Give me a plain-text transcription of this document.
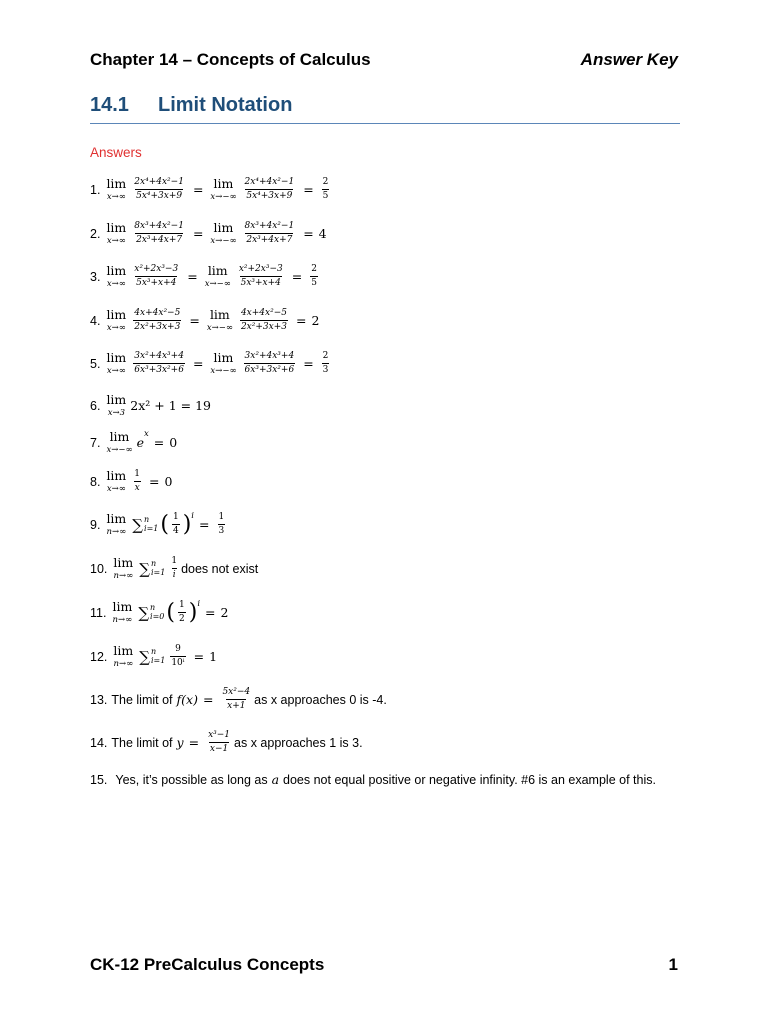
Chapter 14 – Concepts of Calculus	Answer Key
14.1 Limit Notation
Answers
1. lim
$x\to\infty \frac{\text{2x⁴+4x²−1}}{\text{5x⁴+3x+9}} = \lim$
$x\to-\infty \frac{\text{2x⁴+4x²−1}}{\text{5x⁴+3x+9}} = \frac{2}{5}$
2. lim
$x\to\infty \frac{\text{8x³+4x²−1}}{\text{2x³+4x+7}} = \lim$
$x\to-\infty \frac{\text{8x³+4x²−1}}{\text{2x³+4x+7}} = 4$
3. lim
$x\to\infty \frac{\text{x²+2x³−3}}{\text{5x³+x+4}} = \lim$
$x\to-\infty \frac{\text{x²+2x³−3}}{\text{5x³+x+4}} = \frac{2}{5}$
4. lim
$x\to\infty \frac{\text{4x+4x²−5}}{\text{2x²+3x+3}} = \lim$
$x\to-\infty \frac{\text{4x+4x²−5}}{\text{2x²+3x+3}} = 2$
5. lim
$x\to\infty \frac{\text{3x²+4x³+4}}{\text{6x³+3x²+6}} = \lim$
$x\to-\infty \frac{\text{3x²+4x³+4}}{\text{6x³+3x²+6}} = \frac{2}{3}$
6. lim
x→3 2x² + 1 = 19
7. lim
x→−∞ e
x
= 0
8. lim
$x\to\infty \frac{1}{x} = 0$
9. lim
n→∞ ∑ n
i=1 ( $\frac{1}{4}$ ) i
= $\frac{1}{3}$
10. lim
n→∞ ∑ n
$i=1 \frac{1}{i}$ does not exist
11. lim
n→∞ ∑ n
i=0 ( $\frac{1}{2}$ ) i
= 2
12. lim
n→∞ ∑ n
$i=1 \frac{9}{\text{10ⁱ}} = 1$
13. The limit of $f(x) = \frac{\text{5x²−4}}{x+1}$ as x approaches 0 is -4.
14. The limit of $y = \frac{\text{x³−1}}{x-1}$ as x approaches 1 is 3.
15. Yes, it’s possible as long as a does not equal positive or negative infinity. #6 is an example of this.
CK-12 PreCalculus Concepts	1
